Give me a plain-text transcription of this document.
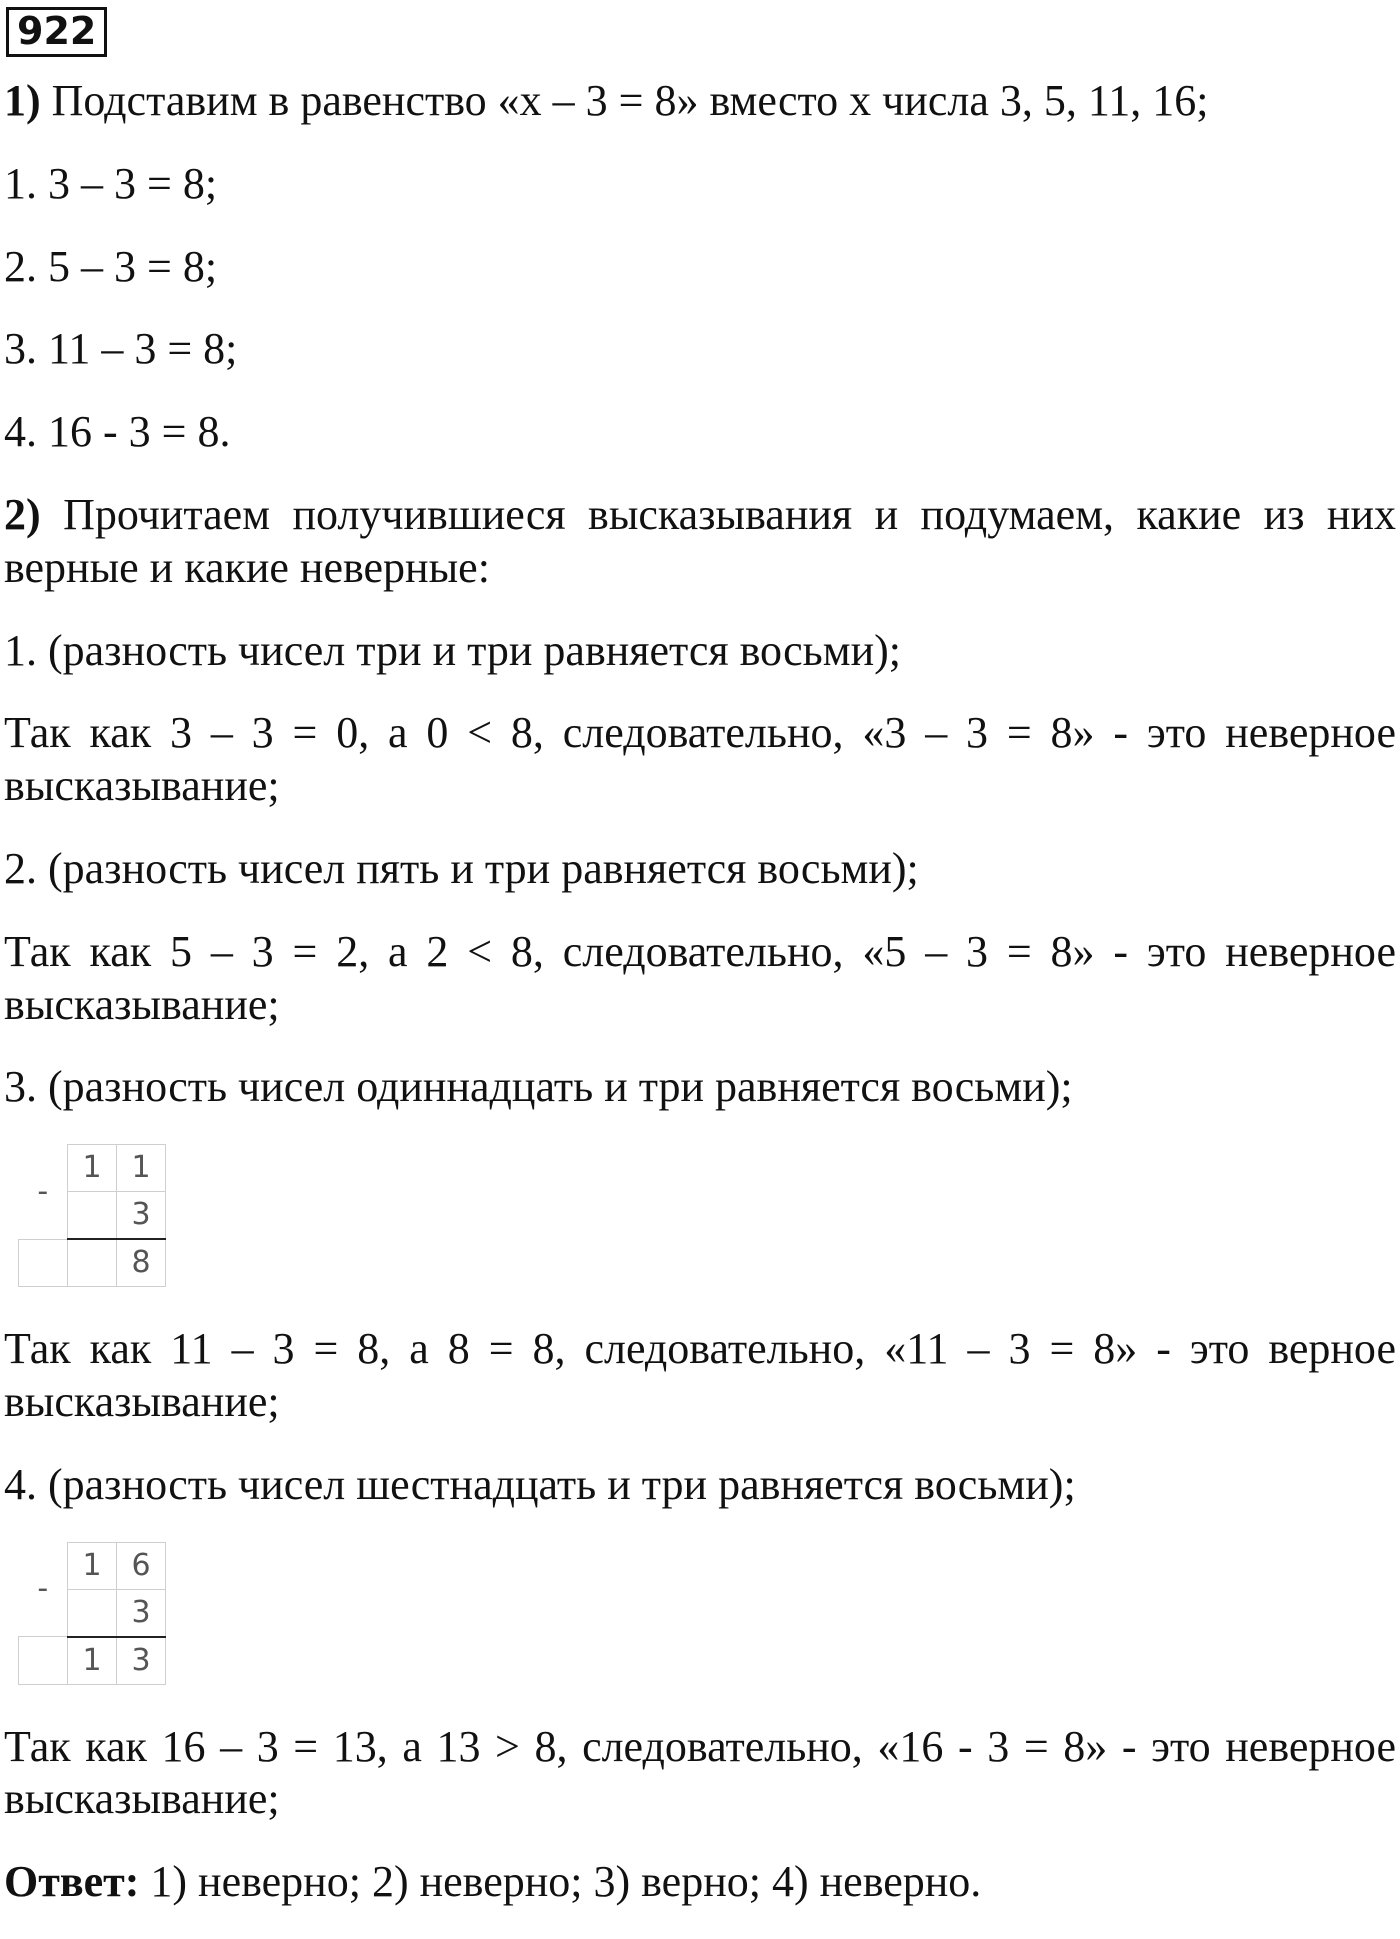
922

1) Подставим в равенство «x – 3 = 8» вместо x числа 3, 5, 11, 16;

1. 3 – 3 = 8;

2. 5 – 3 = 8;

3. 11 – 3 = 8;

4. 16 - 3 = 8.

2) Прочитаем получившиеся высказывания и подумаем, какие из них верные и какие неверные:

1. (разность чисел три и три равняется восьми);

Так как 3 – 3 = 0, а 0 < 8, следовательно, «3 – 3 = 8» - это неверное высказывание;

2. (разность чисел пять и три равняется восьми);

Так как 5 – 3 = 2, а 2 < 8, следовательно, «5 – 3 = 8» - это неверное высказывание;

3. (разность чисел одиннадцать и три равняется восьми);

-	1	1
		3
		8

Так как 11 – 3 = 8, а 8 = 8, следовательно, «11 – 3 = 8» - это верное высказывание;

4. (разность чисел шестнадцать и три равняется восьми);

-	1	6
		3
	1	3

Так как 16 – 3 = 13, а 13 > 8, следовательно, «16 - 3 = 8» - это неверное высказывание;

Ответ: 1) неверно; 2) неверно; 3) верно; 4) неверно.
